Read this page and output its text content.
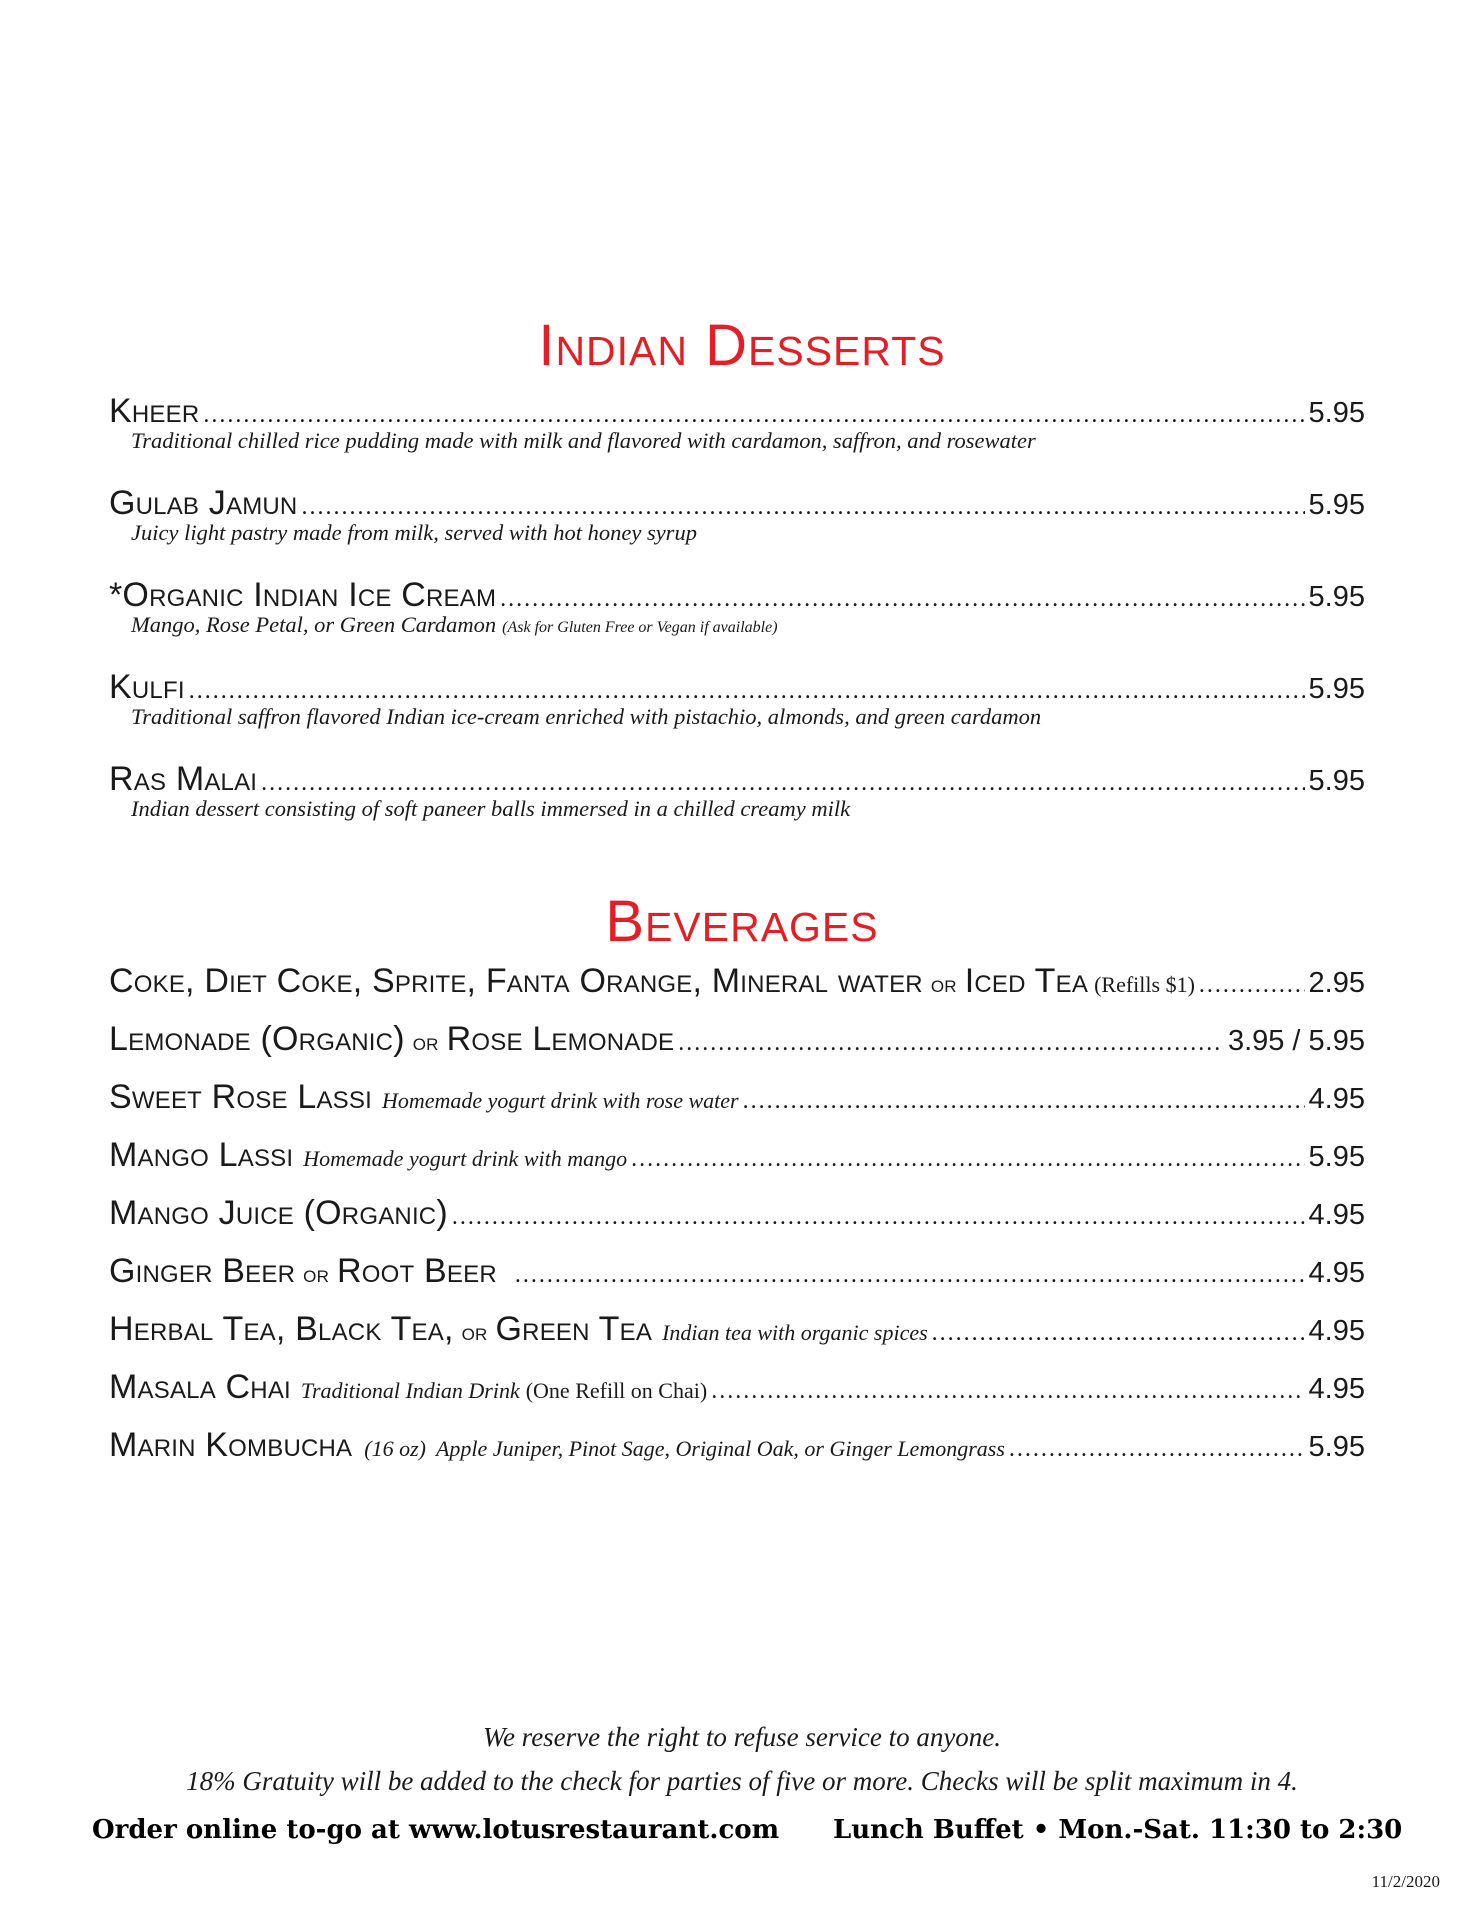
Indian Desserts
Kheer .....	5.95
Traditional chilled rice pudding made with milk and flavored with cardamon, saffron, and rosewater
Gulab Jamun .....	5.95
Juicy light pastry made from milk, served with hot honey syrup
*Organic Indian Ice Cream .....	5.95
Mango, Rose Petal, or Green Cardamon (Ask for Gluten Free or Vegan if available)
Kulfi .....	5.95
Traditional saffron flavored Indian ice-cream enriched with pistachio, almonds, and green cardamon
Ras Malai .....	5.95
Indian dessert consisting of soft paneer balls immersed in a chilled creamy milk
Beverages
Coke, Diet Coke, Sprite, Fanta Orange, Mineral water or Iced Tea (Refills $1) .....	2.95
Lemonade (Organic) or Rose Lemonade .....	3.95 / 5.95
Sweet Rose Lassi Homemade yogurt drink with rose water .....	4.95
Mango Lassi Homemade yogurt drink with mango .....	5.95
Mango Juice (Organic) .....	4.95
Ginger Beer or Root Beer .....	4.95
Herbal Tea, Black Tea, or Green Tea Indian tea with organic spices .....	4.95
Masala Chai Traditional Indian Drink (One Refill on Chai) .....	4.95
Marin Kombucha (16 oz) Apple Juniper, Pinot Sage, Original Oak, or Ginger Lemongrass .....	5.95
We reserve the right to refuse service to anyone.
18% Gratuity will be added to the check for parties of five or more. Checks will be split maximum in 4.
Order online to-go at www.lotusrestaurant.com Lunch Buffet • Mon.-Sat. 11:30 to 2:30
11/2/2020
